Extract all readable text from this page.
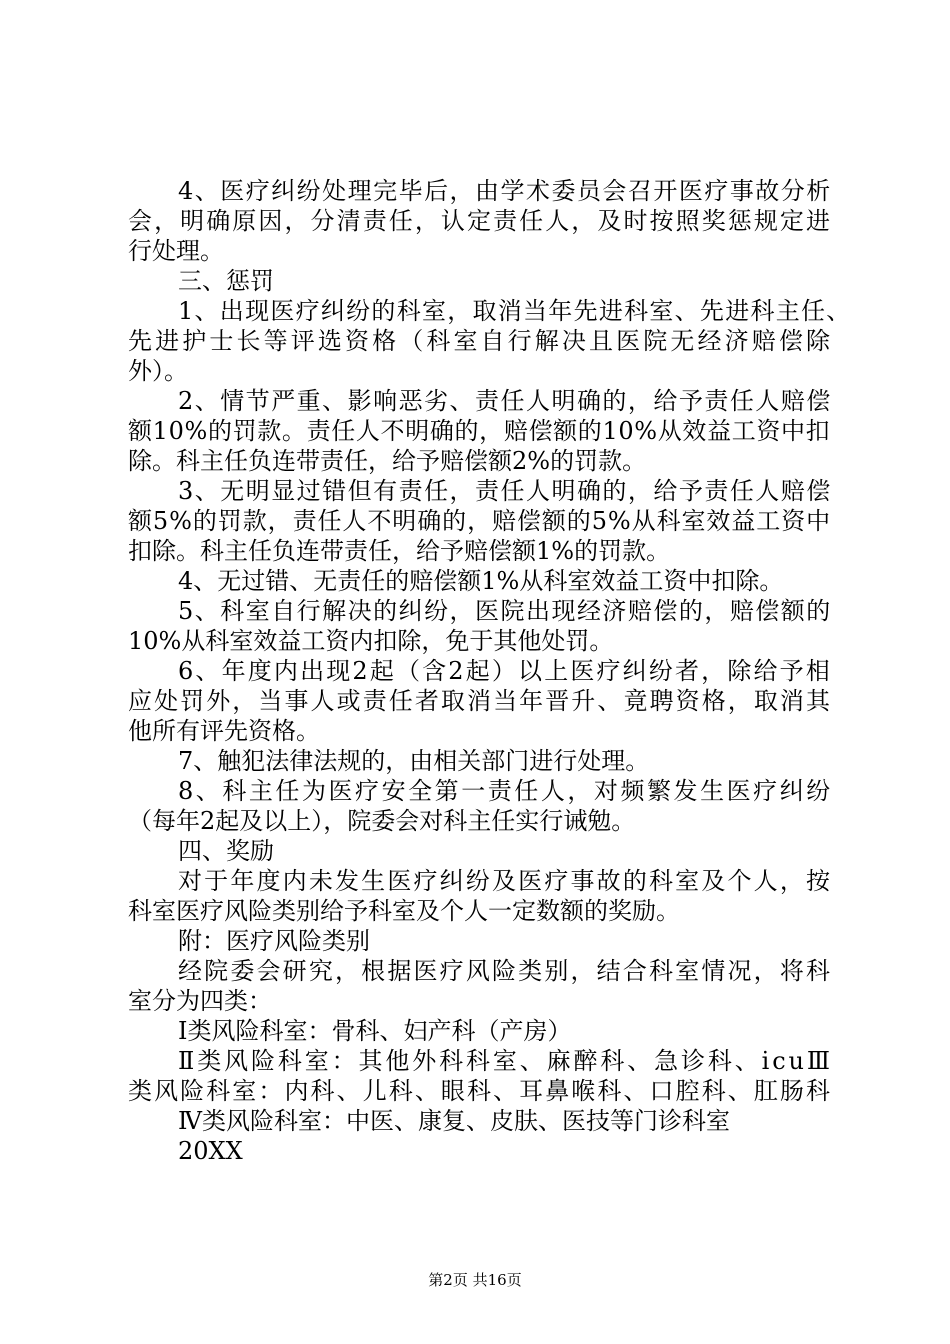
4、医疗纠纷处理完毕后，由学术委员会召开医疗事故分析
会，明确原因，分清责任，认定责任人，及时按照奖惩规定进
行处理。
三、惩罚
1、出现医疗纠纷的科室，取消当年先进科室、先进科主任、
先进护士长等评选资格（科室自行解决且医院无经济赔偿除
外）。
2、情节严重、影响恶劣、责任人明确的，给予责任人赔偿
额10%的罚款。责任人不明确的，赔偿额的10%从效益工资中扣
除。科主任负连带责任，给予赔偿额2%的罚款。
3、无明显过错但有责任，责任人明确的，给予责任人赔偿
额5%的罚款，责任人不明确的，赔偿额的5%从科室效益工资中
扣除。科主任负连带责任，给予赔偿额1%的罚款。
4、无过错、无责任的赔偿额1%从科室效益工资中扣除。
5、科室自行解决的纠纷，医院出现经济赔偿的，赔偿额的
10%从科室效益工资内扣除，免于其他处罚。
6、年度内出现2起（含2起）以上医疗纠纷者，除给予相
应处罚外，当事人或责任者取消当年晋升、竟聘资格，取消其
他所有评先资格。
7、触犯法律法规的，由相关部门进行处理。
8、科主任为医疗安全第一责任人，对频繁发生医疗纠纷
（每年2起及以上），院委会对科主任实行诫勉。
四、奖励
对于年度内未发生医疗纠纷及医疗事故的科室及个人，按
科室医疗风险类别给予科室及个人一定数额的奖励。
附：医疗风险类别
经院委会研究，根据医疗风险类别，结合科室情况，将科
室分为四类：
Ⅰ类风险科室：骨科、妇产科（产房）
Ⅱ类风险科室：其他外科科室、麻醉科、急诊科、icuⅢ
类风险科室：内科、儿科、眼科、耳鼻喉科、口腔科、肛肠科
Ⅳ类风险科室：中医、康复、皮肤、医技等门诊科室
20XX
第2页 共16页
